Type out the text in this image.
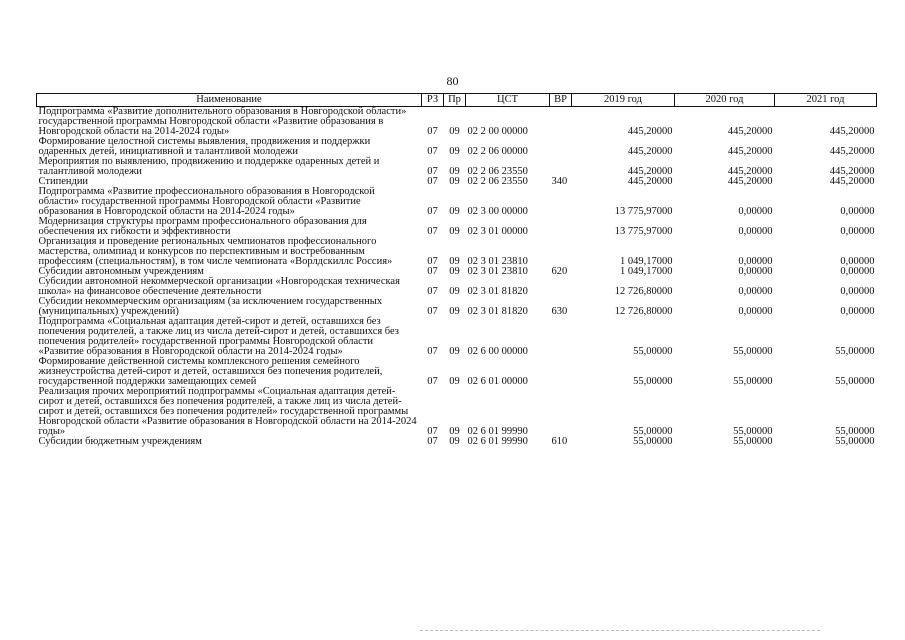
80
Наименование	РЗ	Пр	ЦСТ	ВР	2019 год	2020 год	2021 год
Подпрограмма «Развитие дополнительного образования в Новгородской области» государственной программы Новгородской области «Развитие образования в Новгородской области на 2014-2024 годы»	07	09	02 2 00 00000		445,20000	445,20000	445,20000
Формирование целостной системы выявления, продвижения и поддержки одаренных детей, инициативной и талантливой молодежи	07	09	02 2 06 00000		445,20000	445,20000	445,20000
Мероприятия по выявлению, продвижению и поддержке одаренных детей и талантливой молодежи	07	09	02 2 06 23550		445,20000	445,20000	445,20000
Стипендии	07	09	02 2 06 23550	340	445,20000	445,20000	445,20000
Подпрограмма «Развитие профессионального образования в Новгородской области» государственной программы Новгородской области «Развитие образования в Новгородской области на 2014-2024 годы»	07	09	02 3 00 00000		13 775,97000	0,00000	0,00000
Модернизация структуры программ профессионального образования для обеспечения их гибкости и эффективности	07	09	02 3 01 00000		13 775,97000	0,00000	0,00000
Организация и проведение региональных чемпионатов профессионального мастерства, олимпиад и конкурсов по перспективным и востребованным профессиям (специальностям), в том числе чемпионата «Ворлдскиллс Россия»	07	09	02 3 01 23810		1 049,17000	0,00000	0,00000
Субсидии автономным учреждениям	07	09	02 3 01 23810	620	1 049,17000	0,00000	0,00000
Субсидии автономной некоммерческой организации «Новгородская техническая школа» на финансовое обеспечение деятельности	07	09	02 3 01 81820		12 726,80000	0,00000	0,00000
Субсидии некоммерческим организациям (за исключением государственных (муниципальных) учреждений)	07	09	02 3 01 81820	630	12 726,80000	0,00000	0,00000
Подпрограмма «Социальная адаптация детей-сирот и детей, оставшихся без попечения родителей, а также лиц из числа детей-сирот и детей, оставшихся без попечения родителей» государственной программы Новгородской области «Развитие образования в Новгородской области на 2014-2024 годы»	07	09	02 6 00 00000		55,00000	55,00000	55,00000
Формирование действенной системы комплексного решения семейного жизнеустройства детей-сирот и детей, оставшихся без попечения родителей, государственной поддержки замещающих семей	07	09	02 6 01 00000		55,00000	55,00000	55,00000
Реализация прочих мероприятий подпрограммы «Социальная адаптация детей-сирот и детей, оставшихся без попечения родителей, а также лиц из числа детей-сирот и детей, оставшихся без попечения родителей» государственной программы Новгородской области «Развитие образования в Новгородской области на 2014-2024 годы»	07	09	02 6 01 99990		55,00000	55,00000	55,00000
Субсидии бюджетным учреждениям	07	09	02 6 01 99990	610	55,00000	55,00000	55,00000
